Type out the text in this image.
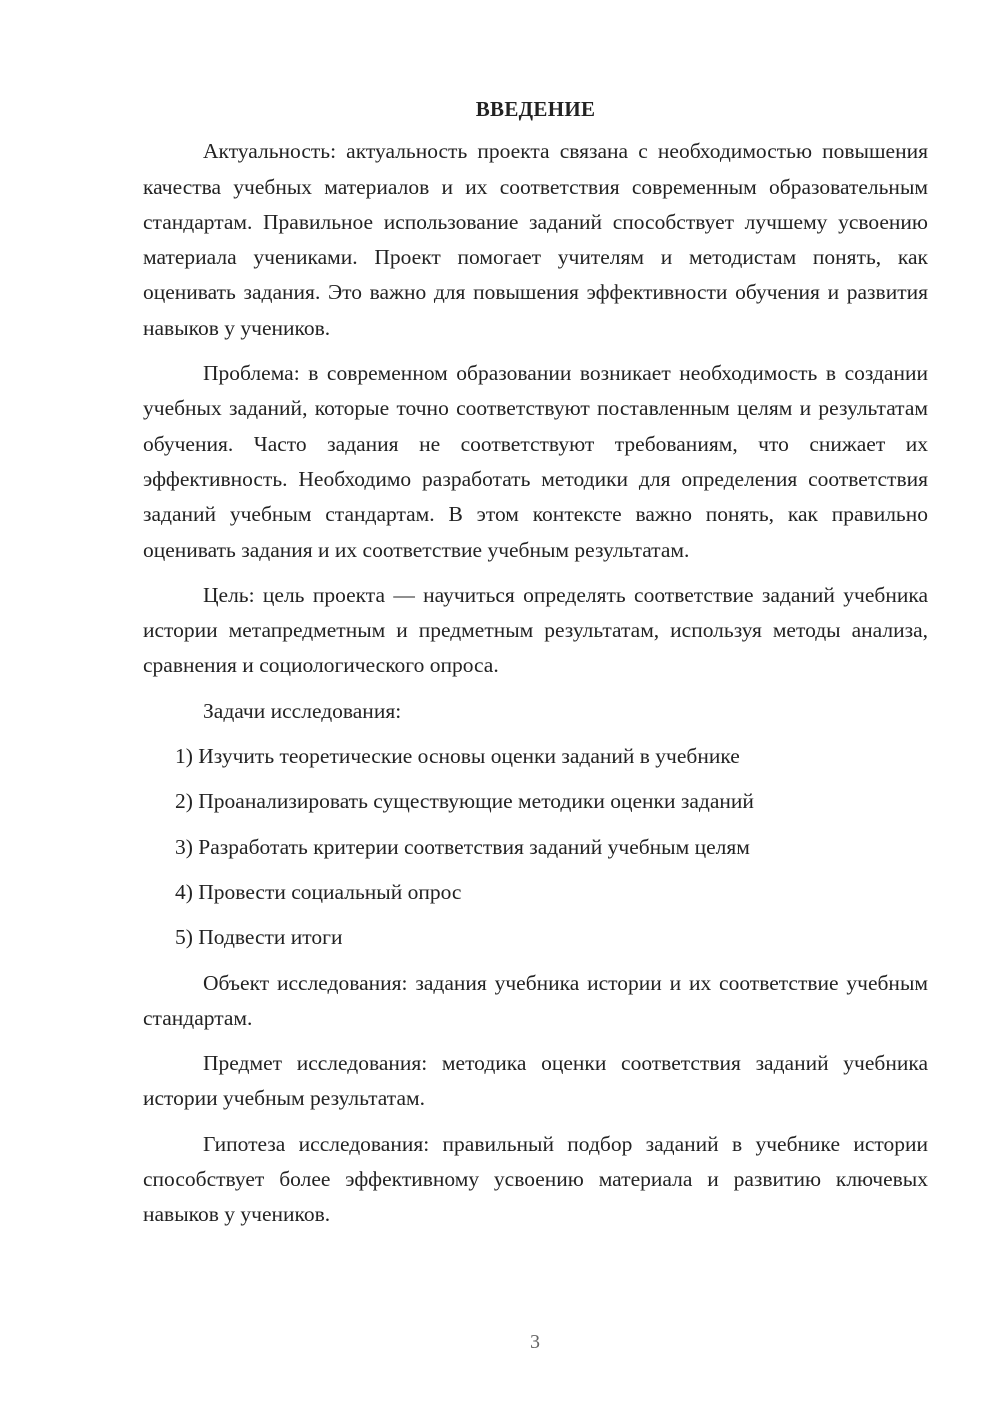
ВВЕДЕНИЕ

Актуальность: актуальность проекта связана с необходимостью повышения качества учебных материалов и их соответствия современным образовательным стандартам. Правильное использование заданий способствует лучшему усвоению материала учениками. Проект помогает учителям и методистам понять, как оценивать задания. Это важно для повышения эффективности обучения и развития навыков у учеников.

Проблема: в современном образовании возникает необходимость в создании учебных заданий, которые точно соответствуют поставленным целям и результатам обучения. Часто задания не соответствуют требованиям, что снижает их эффективность. Необходимо разработать методики для определения соответствия заданий учебным стандартам. В этом контексте важно понять, как правильно оценивать задания и их соответствие учебным результатам.

Цель: цель проекта — научиться определять соответствие заданий учебника истории метапредметным и предметным результатам, используя методы анализа, сравнения и социологического опроса.

Задачи исследования:

1) Изучить теоретические основы оценки заданий в учебнике
2) Проанализировать существующие методики оценки заданий
3) Разработать критерии соответствия заданий учебным целям
4) Провести социальный опрос
5) Подвести итоги

Объект исследования: задания учебника истории и их соответствие учебным стандартам.

Предмет исследования: методика оценки соответствия заданий учебника истории учебным результатам.

Гипотеза исследования: правильный подбор заданий в учебнике истории способствует более эффективному усвоению материала и развитию ключевых навыков у учеников.

3
